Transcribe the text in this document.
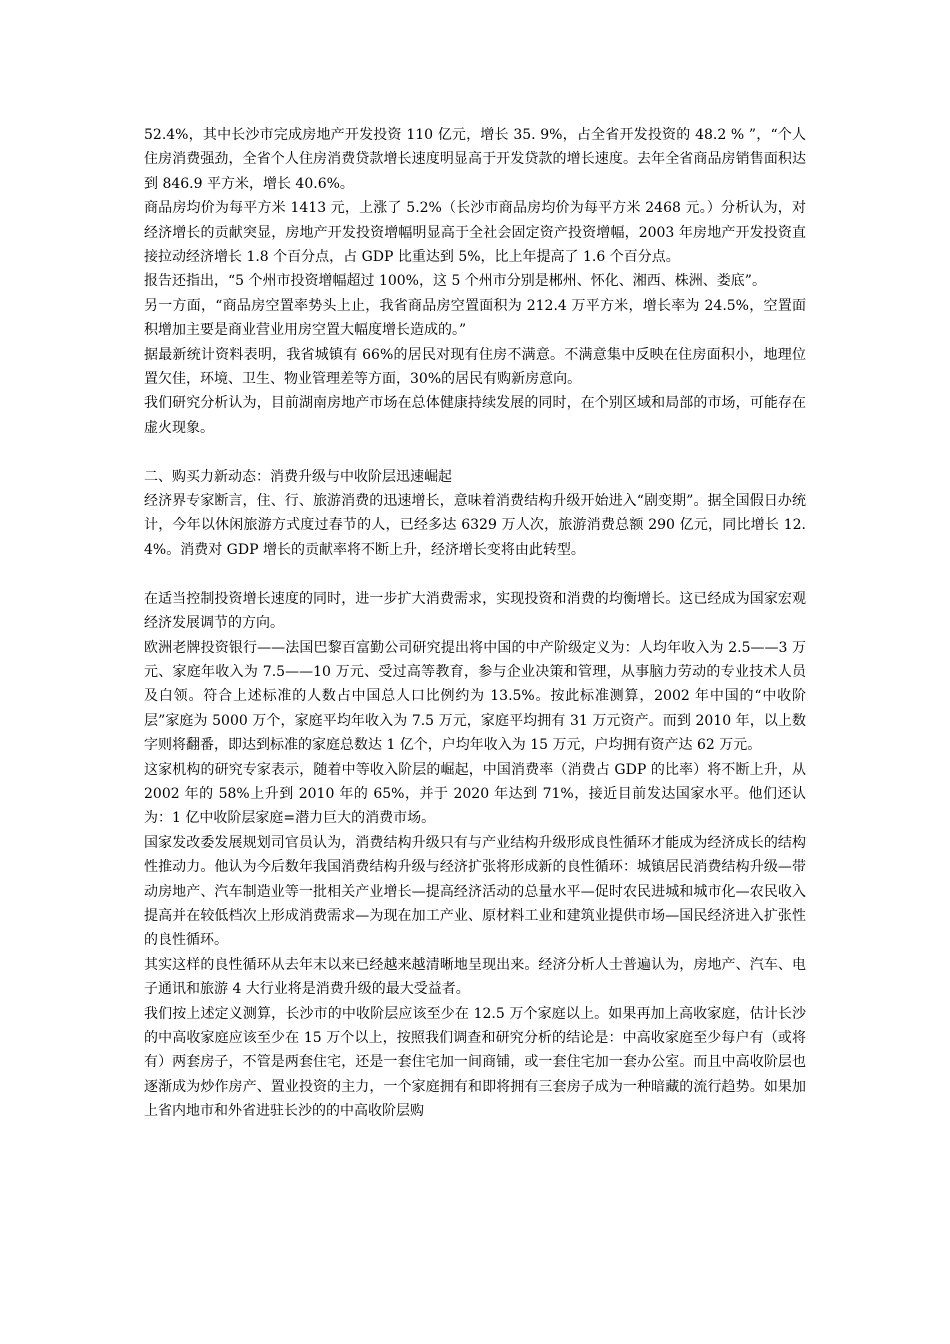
52.4%，其中长沙市完成房地产开发投资 110 亿元，增长 35. 9%，占全省开发投资的 48.2 % ”，“个人住房消费强劲，全省个人住房消费贷款增长速度明显高于开发贷款的增长速度。去年全省商品房销售面积达到 846.9 平方米，增长 40.6%。

商品房均价为每平方米 1413 元，上涨了 5.2%（长沙市商品房均价为每平方米 2468 元。）分析认为，对经济增长的贡献突显，房地产开发投资增幅明显高于全社会固定资产投资增幅，2003 年房地产开发投资直接拉动经济增长 1.8 个百分点，占 GDP 比重达到 5%，比上年提高了 1.6 个百分点。

报告还指出，“5 个州市投资增幅超过 100%，这 5 个州市分别是郴州、怀化、湘西、株洲、娄底”。

另一方面，“商品房空置率势头上止，我省商品房空置面积为 212.4 万平方米，增长率为 24.5%，空置面积增加主要是商业营业用房空置大幅度增长造成的。”

据最新统计资料表明，我省城镇有 66%的居民对现有住房不满意。不满意集中反映在住房面积小，地理位置欠佳，环境、卫生、物业管理差等方面，30%的居民有购新房意向。

我们研究分析认为，目前湖南房地产市场在总体健康持续发展的同时，在个别区域和局部的市场，可能存在虚火现象。

二、购买力新动态：消费升级与中收阶层迅速崛起

经济界专家断言，住、行、旅游消费的迅速增长，意味着消费结构升级开始进入“剧变期”。据全国假日办统计，今年以休闲旅游方式度过春节的人，已经多达 6329 万人次，旅游消费总额 290 亿元，同比增长 12.4%。消费对 GDP 增长的贡献率将不断上升，经济增长变将由此转型。

在适当控制投资增长速度的同时，进一步扩大消费需求，实现投资和消费的均衡增长。这已经成为国家宏观经济发展调节的方向。

欧洲老牌投资银行——法国巴黎百富勤公司研究提出将中国的中产阶级定义为：人均年收入为 2.5——3 万元、家庭年收入为 7.5——10 万元、受过高等教育，参与企业决策和管理，从事脑力劳动的专业技术人员及白领。符合上述标准的人数占中国总人口比例约为 13.5%。按此标准测算，2002 年中国的“中收阶层”家庭为 5000 万个，家庭平均年收入为 7.5 万元，家庭平均拥有 31 万元资产。而到 2010 年，以上数字则将翻番，即达到标准的家庭总数达 1 亿个，户均年收入为 15 万元，户均拥有资产达 62 万元。

这家机构的研究专家表示，随着中等收入阶层的崛起，中国消费率（消费占 GDP 的比率）将不断上升，从 2002 年的 58%上升到 2010 年的 65%，并于 2020 年达到 71%，接近目前发达国家水平。他们还认为：1 亿中收阶层家庭=潜力巨大的消费市场。

国家发改委发展规划司官员认为，消费结构升级只有与产业结构升级形成良性循环才能成为经济成长的结构性推动力。他认为今后数年我国消费结构升级与经济扩张将形成新的良性循环：城镇居民消费结构升级—带动房地产、汽车制造业等一批相关产业增长—提高经济活动的总量水平—促时农民进城和城市化—农民收入提高并在较低档次上形成消费需求—为现在加工产业、原材料工业和建筑业提供市场—国民经济进入扩张性的良性循环。

其实这样的良性循环从去年末以来已经越来越清晰地呈现出来。经济分析人士普遍认为，房地产、汽车、电子通讯和旅游 4 大行业将是消费升级的最大受益者。

我们按上述定义测算，长沙市的中收阶层应该至少在 12.5 万个家庭以上。如果再加上高收家庭，估计长沙的中高收家庭应该至少在 15 万个以上，按照我们调查和研究分析的结论是：中高收家庭至少每户有（或将有）两套房子，不管是两套住宅，还是一套住宅加一间商铺，或一套住宅加一套办公室。而且中高收阶层也逐渐成为炒作房产、置业投资的主力，一个家庭拥有和即将拥有三套房子成为一种暗藏的流行趋势。如果加上省内地市和外省进驻长沙的的中高收阶层购
